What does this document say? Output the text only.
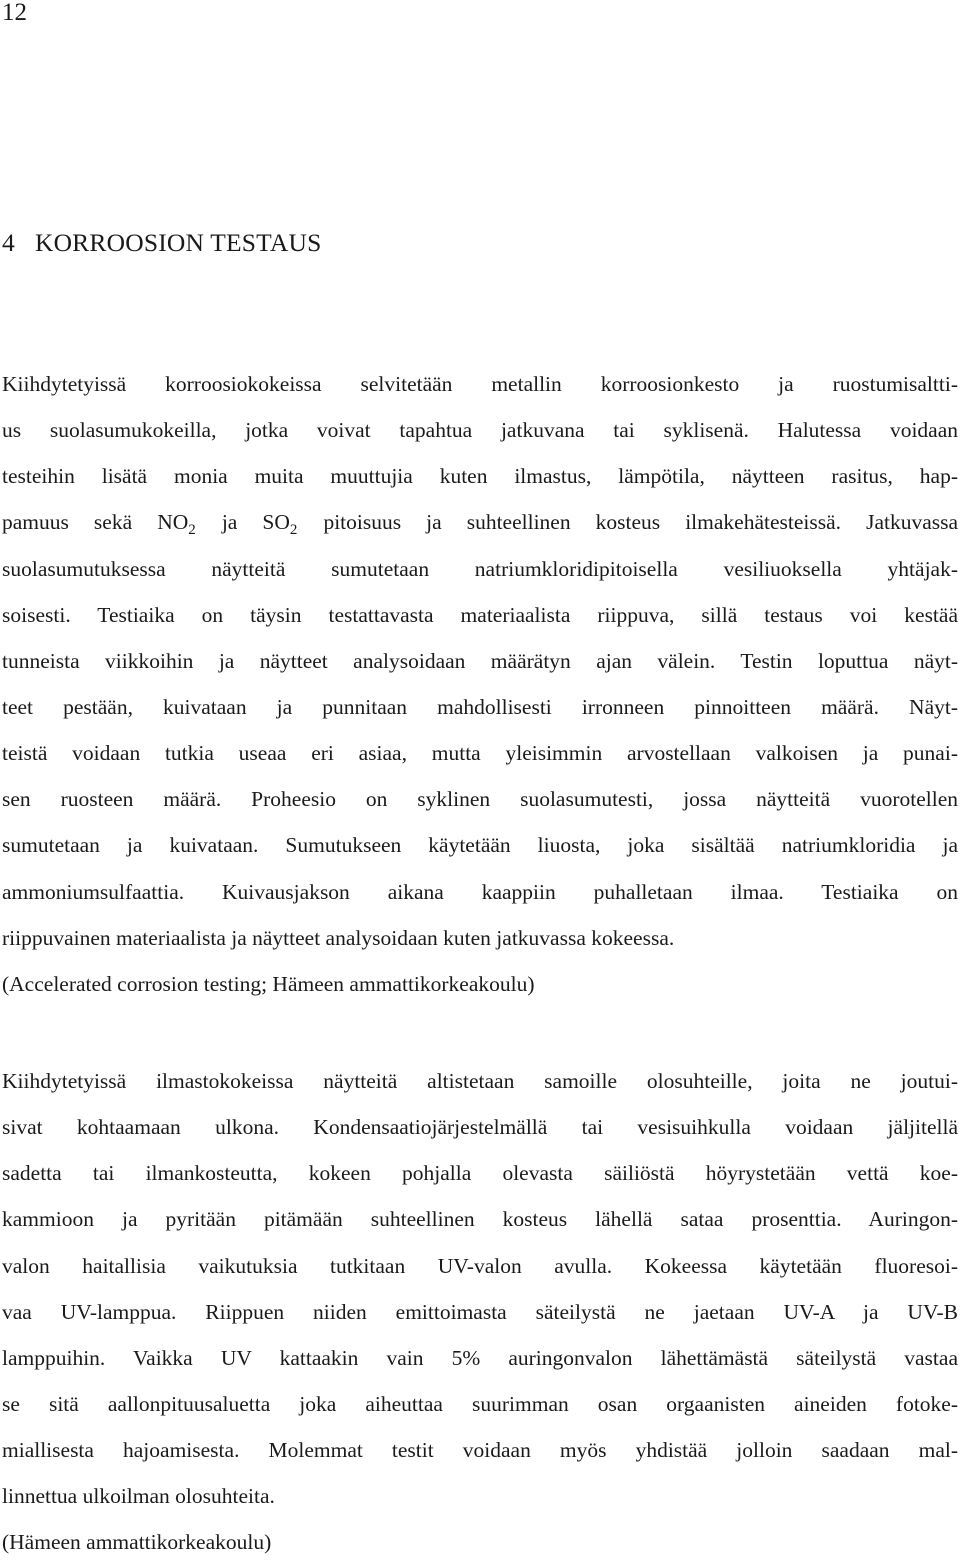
12
4 KORROOSION TESTAUS
Kiihdytetyissä korroosiokokeissa selvitetään metallin korroosionkesto ja ruostumisaltti-
us suolasumukokeilla, jotka voivat tapahtua jatkuvana tai syklisenä. Halutessa voidaan
testeihin lisätä monia muita muuttujia kuten ilmastus, lämpötila, näytteen rasitus, hap-
pamuus sekä $NO_2$ ja $SO_2$ pitoisuus ja suhteellinen kosteus ilmakehätesteissä. Jatkuvassa
suolasumutuksessa näytteitä sumutetaan natriumkloridipitoisella vesiliuoksella yhtäjak-
soisesti. Testiaika on täysin testattavasta materiaalista riippuva, sillä testaus voi kestää
tunneista viikkoihin ja näytteet analysoidaan määrätyn ajan välein. Testin loputtua näyt-
teet pestään, kuivataan ja punnitaan mahdollisesti irronneen pinnoitteen määrä. Näyt-
teistä voidaan tutkia useaa eri asiaa, mutta yleisimmin arvostellaan valkoisen ja punai-
sen ruosteen määrä. Proheesio on syklinen suolasumutesti, jossa näytteitä vuorotellen
sumutetaan ja kuivataan. Sumutukseen käytetään liuosta, joka sisältää natriumkloridia ja
ammoniumsulfaattia. Kuivausjakson aikana kaappiin puhalletaan ilmaa. Testiaika on
riippuvainen materiaalista ja näytteet analysoidaan kuten jatkuvassa kokeessa.
(Accelerated corrosion testing; Hämeen ammattikorkeakoulu)
Kiihdytetyissä ilmastokokeissa näytteitä altistetaan samoille olosuhteille, joita ne joutui-
sivat kohtaamaan ulkona. Kondensaatiojärjestelmällä tai vesisuihkulla voidaan jäljitellä
sadetta tai ilmankosteutta, kokeen pohjalla olevasta säiliöstä höyrystetään vettä koe-
kammioon ja pyritään pitämään suhteellinen kosteus lähellä sataa prosenttia. Auringon-
valon haitallisia vaikutuksia tutkitaan UV-valon avulla. Kokeessa käytetään fluoresoi-
vaa UV-lamppua. Riippuen niiden emittoimasta säteilystä ne jaetaan UV-A ja UV-B
lamppuihin. Vaikka UV kattaakin vain 5% auringonvalon lähettämästä säteilystä vastaa
se sitä aallonpituusaluetta joka aiheuttaa suurimman osan orgaanisten aineiden fotoke-
miallisesta hajoamisesta. Molemmat testit voidaan myös yhdistää jolloin saadaan mal-
linnettua ulkoilman olosuhteita.
(Hämeen ammattikorkeakoulu)
